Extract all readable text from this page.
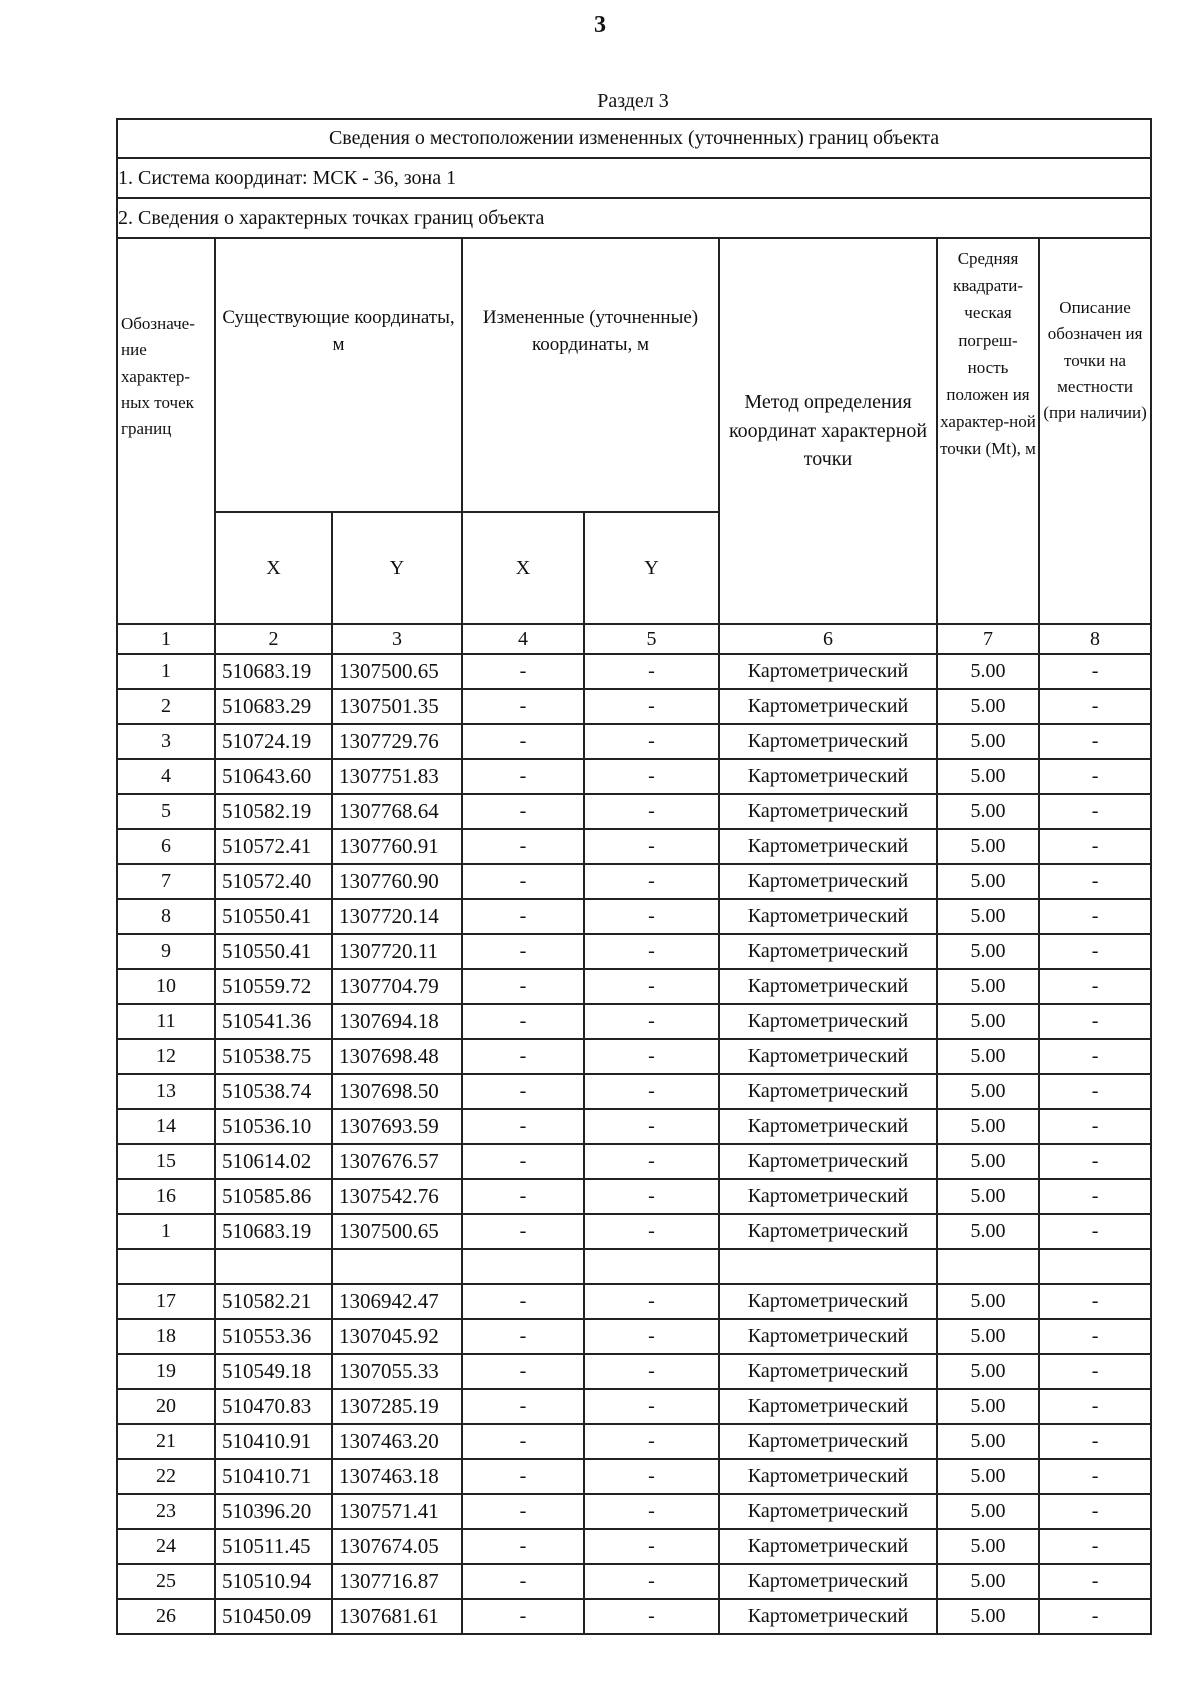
3
Раздел 3
Сведения о местоположении измененных (уточненных) границ объекта							
1. Система координат: МСК - 36, зона 1							
2. Сведения о характерных точках границ объекта							
Обозначе-ние характер-ных точек границ	Существующие координаты, м		Измененные (уточненные) координаты, м		Метод определения координат характерной точки	Средняя квадрати-ческая погреш-ность положен ия характер-ной точки (Mt), м	Описание обозначен ия точки на местности (при наличии)
	X	Y	X	Y			
1	2	3	4	5	6	7	8
1	510683.19	1307500.65	-	-	Картометрический	5.00	-
2	510683.29	1307501.35	-	-	Картометрический	5.00	-
3	510724.19	1307729.76	-	-	Картометрический	5.00	-
4	510643.60	1307751.83	-	-	Картометрический	5.00	-
5	510582.19	1307768.64	-	-	Картометрический	5.00	-
6	510572.41	1307760.91	-	-	Картометрический	5.00	-
7	510572.40	1307760.90	-	-	Картометрический	5.00	-
8	510550.41	1307720.14	-	-	Картометрический	5.00	-
9	510550.41	1307720.11	-	-	Картометрический	5.00	-
10	510559.72	1307704.79	-	-	Картометрический	5.00	-
11	510541.36	1307694.18	-	-	Картометрический	5.00	-
12	510538.75	1307698.48	-	-	Картометрический	5.00	-
13	510538.74	1307698.50	-	-	Картометрический	5.00	-
14	510536.10	1307693.59	-	-	Картометрический	5.00	-
15	510614.02	1307676.57	-	-	Картометрический	5.00	-
16	510585.86	1307542.76	-	-	Картометрический	5.00	-
1	510683.19	1307500.65	-	-	Картометрический	5.00	-

17	510582.21	1306942.47	-	-	Картометрический	5.00	-
18	510553.36	1307045.92	-	-	Картометрический	5.00	-
19	510549.18	1307055.33	-	-	Картометрический	5.00	-
20	510470.83	1307285.19	-	-	Картометрический	5.00	-
21	510410.91	1307463.20	-	-	Картометрический	5.00	-
22	510410.71	1307463.18	-	-	Картометрический	5.00	-
23	510396.20	1307571.41	-	-	Картометрический	5.00	-
24	510511.45	1307674.05	-	-	Картометрический	5.00	-
25	510510.94	1307716.87	-	-	Картометрический	5.00	-
26	510450.09	1307681.61	-	-	Картометрический	5.00	-
